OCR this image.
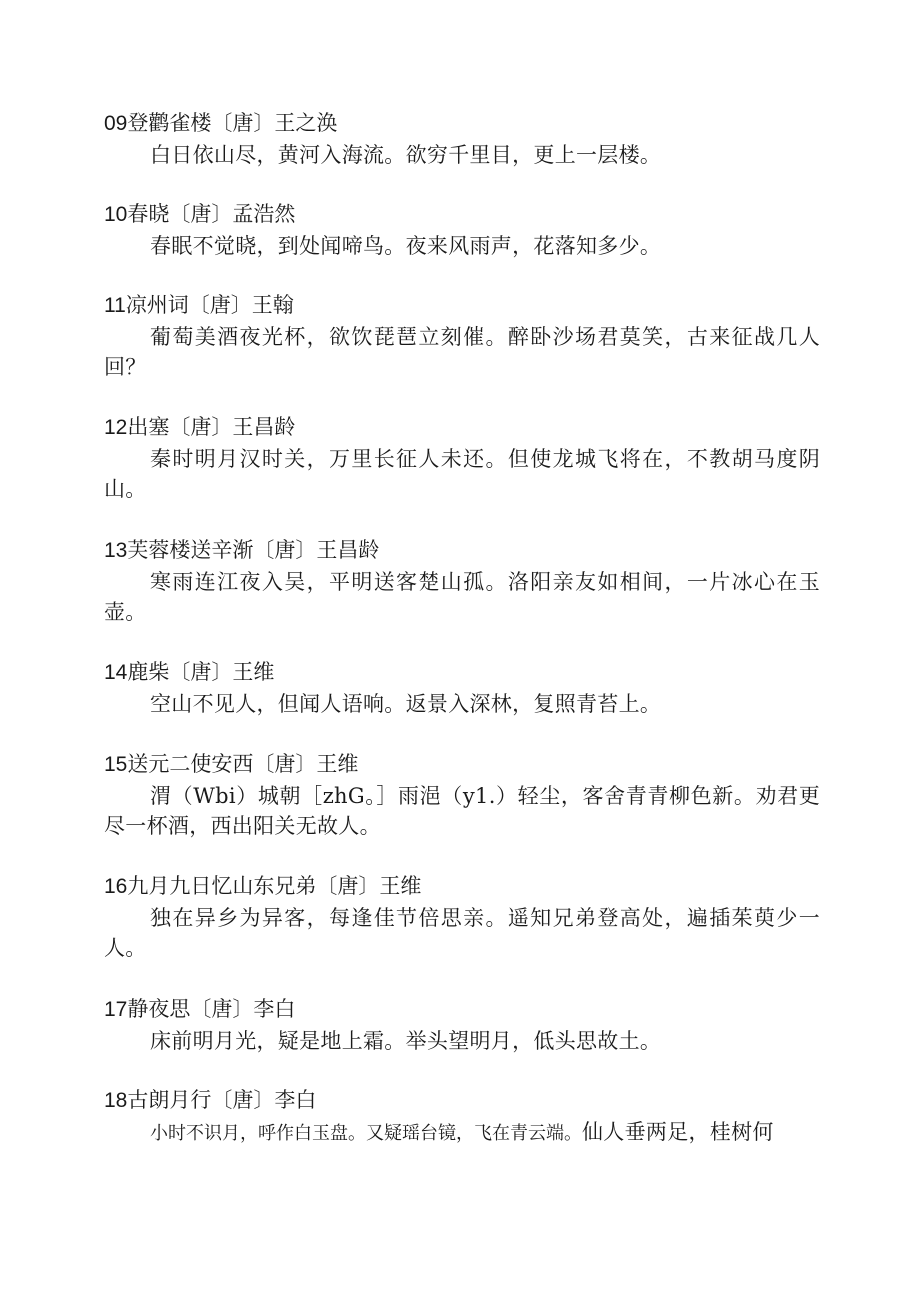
09登鹳雀楼〔唐〕王之涣
白日依山尽，黄河入海流。欲穷千里目，更上一层楼。
10春晓〔唐〕孟浩然
春眠不觉晓，到处闻啼鸟。夜来风雨声，花落知多少。
11凉州词〔唐〕王翰
葡萄美酒夜光杯，欲饮琵琶立刻催。醉卧沙场君莫笑，古来征战几人回？
12出塞〔唐〕王昌龄
秦时明月汉时关，万里长征人未还。但使龙城飞将在，不教胡马度阴山。
13芙蓉楼送辛渐〔唐〕王昌龄
寒雨连江夜入吴，平明送客楚山孤。洛阳亲友如相间，一片冰心在玉壶。
14鹿柴〔唐〕王维
空山不见人，但闻人语响。返景入深林，复照青苔上。
15送元二使安西〔唐〕王维
渭（Wbi）城朝［zhG。］雨浥（y1.）轻尘，客舍青青柳色新。劝君更尽一杯酒，西出阳关无故人。
16九月九日忆山东兄弟〔唐〕王维
独在异乡为异客，每逢佳节倍思亲。遥知兄弟登高处，遍插茱萸少一人。
17静夜思〔唐〕李白
床前明月光，疑是地上霜。举头望明月，低头思故土。
18古朗月行〔唐〕李白
小时不识月，呼作白玉盘。又疑瑶台镜，飞在青云端。仙人垂两足，桂树何
